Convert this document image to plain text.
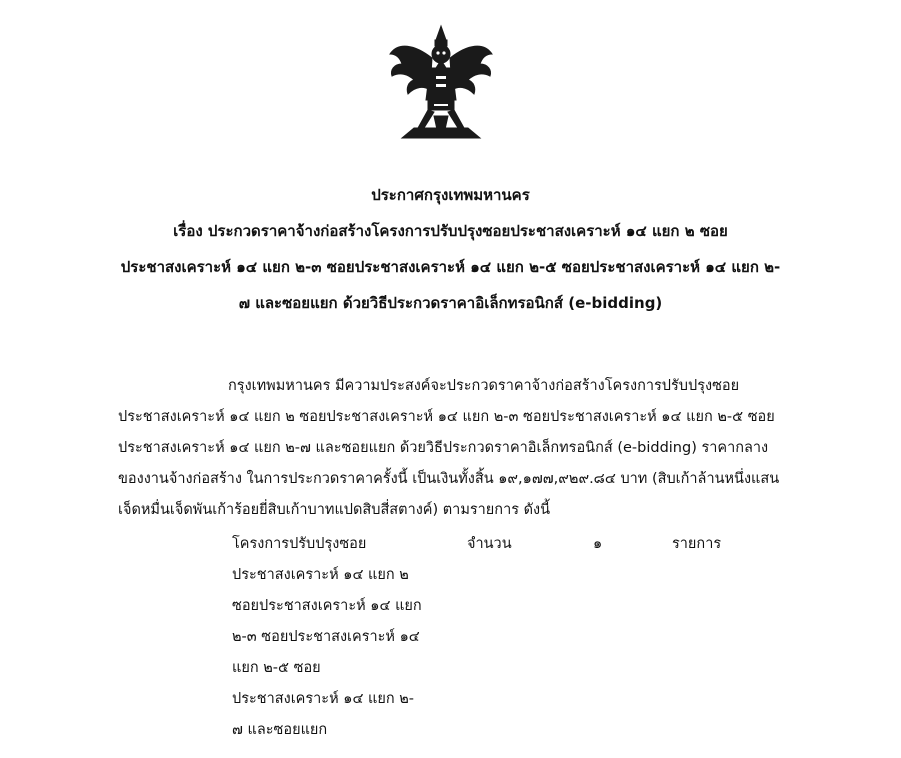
ประกาศกรุงเทพมหานคร
เรื่อง ประกวดราคาจ้างก่อสร้างโครงการปรับปรุงซอยประชาสงเคราะห์ ๑๔ แยก ๒ ซอย
ประชาสงเคราะห์ ๑๔ แยก ๒-๓ ซอยประชาสงเคราะห์ ๑๔ แยก ๒-๕ ซอยประชาสงเคราะห์ ๑๔ แยก ๒-
๗ และซอยแยก ด้วยวิธีประกวดราคาอิเล็กทรอนิกส์ (e-bidding)
กรุงเทพมหานคร มีความประสงค์จะประกวดราคาจ้างก่อสร้างโครงการปรับปรุงซอย
ประชาสงเคราะห์ ๑๔ แยก ๒ ซอยประชาสงเคราะห์ ๑๔ แยก ๒-๓ ซอยประชาสงเคราะห์ ๑๔ แยก ๒-๕ ซอย
ประชาสงเคราะห์ ๑๔ แยก ๒-๗ และซอยแยก ด้วยวิธีประกวดราคาอิเล็กทรอนิกส์ (e-bidding) ราคากลาง
ของงานจ้างก่อสร้าง ในการประกวดราคาครั้งนี้ เป็นเงินทั้งสิ้น ๑๙,๑๗๗,๙๒๙.๘๔ บาท (สิบเก้าล้านหนึ่งแสน
เจ็ดหมื่นเจ็ดพันเก้าร้อยยี่สิบเก้าบาทแปดสิบสี่สตางค์) ตามรายการ ดังนี้
โครงการปรับปรุงซอย	จำนวน	๑	รายการ
ประชาสงเคราะห์ ๑๔ แยก ๒
ซอยประชาสงเคราะห์ ๑๔ แยก
๒-๓ ซอยประชาสงเคราะห์ ๑๔
แยก ๒-๕ ซอย
ประชาสงเคราะห์ ๑๔ แยก ๒-
๗ และซอยแยก
